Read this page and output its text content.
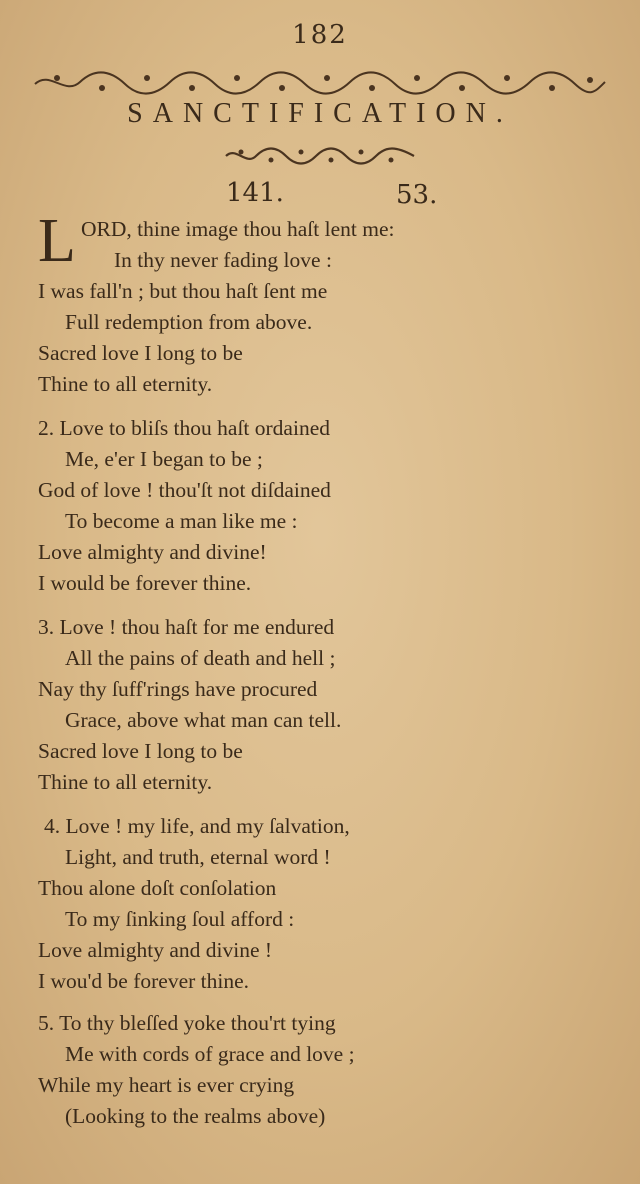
182
SANCTIFICATION.
141.	53.
L ORD, thine image thou haſt lent me:
In thy never fading love :
I was fall'n ; but thou haſt ſent me
Full redemption from above.
Sacred love I long to be
Thine to all eternity.
2. Love to bliſs thou haſt ordained
Me, e'er I began to be ;
God of love ! thou'ſt not diſdained
To become a man like me :
Love almighty and divine!
I would be forever thine.
3. Love ! thou haſt for me endured
All the pains of death and hell ;
Nay thy ſuff'rings have procured
Grace, above what man can tell.
Sacred love I long to be
Thine to all eternity.
4. Love ! my life, and my ſalvation,
Light, and truth, eternal word !
Thou alone doſt conſolation
To my ſinking ſoul afford :
Love almighty and divine !
I wou'd be forever thine.
5. To thy bleſſed yoke thou'rt tying
Me with cords of grace and love ;
While my heart is ever crying
(Looking to the realms above)
